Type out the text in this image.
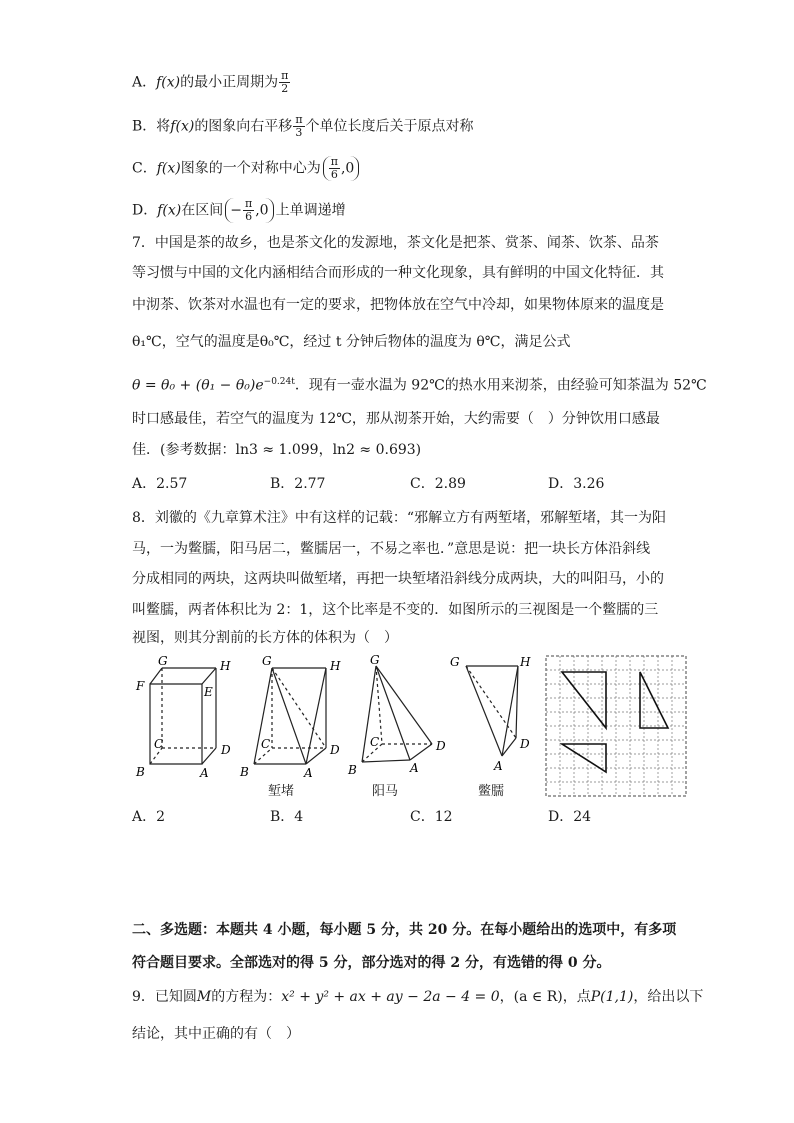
A．f(x)的最小正周期为 $\frac{\pi}{2}$
B．将f(x)的图象向右平移 $\frac{\pi}{3}$ 个单位长度后关于原点对称
C．f(x)图象的一个对称中心为 $\frac{\pi}{6} ,0$
D．f(x)在区间 − $\frac{\pi}{6} ,0$ 上单调递增
7．中国是茶的故乡，也是茶文化的发源地，茶文化是把茶、赏茶、闻茶、饮茶、品茶
等习惯与中国的文化内涵相结合而形成的一种文化现象，具有鲜明的中国文化特征．其
中沏茶、饮茶对水温也有一定的要求，把物体放在空气中冷却，如果物体原来的温度是
θ₁℃，空气的温度是θ₀℃，经过 t 分钟后物体的温度为 θ℃，满足公式
$\theta = \theta_0 + (\theta_1 - \theta_0)e^{-0.24t}$．现有一壶水温为 92℃的热水用来沏茶，由经验可知茶温为 52℃
时口感最佳，若空气的温度为 12℃，那从沏茶开始，大约需要（　）分钟饮用口感最
佳．(参考数据：ln3 ≈ 1.099，ln2 ≈ 0.693)
A．2.57	B．2.77	C．2.89	D．3.26
8．刘徽的《九章算术注》中有这样的记载：“邪解立方有两堑堵，邪解堑堵，其一为阳
马，一为鳖臑，阳马居二，鳖臑居一，不易之率也．”意思是说：把一块长方体沿斜线
分成相同的两块，这两块叫做堑堵，再把一块堑堵沿斜线分成两块，大的叫阳马，小的
叫鳖臑，两者体积比为 2：1，这个比率是不变的．如图所示的三视图是一个鳖臑的三
视图，则其分割前的长方体的体积为（　）
G	H
F	E
C	D
B	A
G	H
C	D
B	A
G
C	D
B	A
G	H
D
A
堑堵	阳马	鳖臑
A．2	B．4	C．12	D．24
二、多选题：本题共 4 小题，每小题 5 分，共 20 分。在每小题给出的选项中，有多项
符合题目要求。全部选对的得 5 分，部分选对的得 2 分，有选错的得 0 分。
9．已知圆M的方程为：x² + y² + ax + ay − 2a − 4 = 0，(a ∈ R)，点P(1,1)，给出以下
结论，其中正确的有（　）
